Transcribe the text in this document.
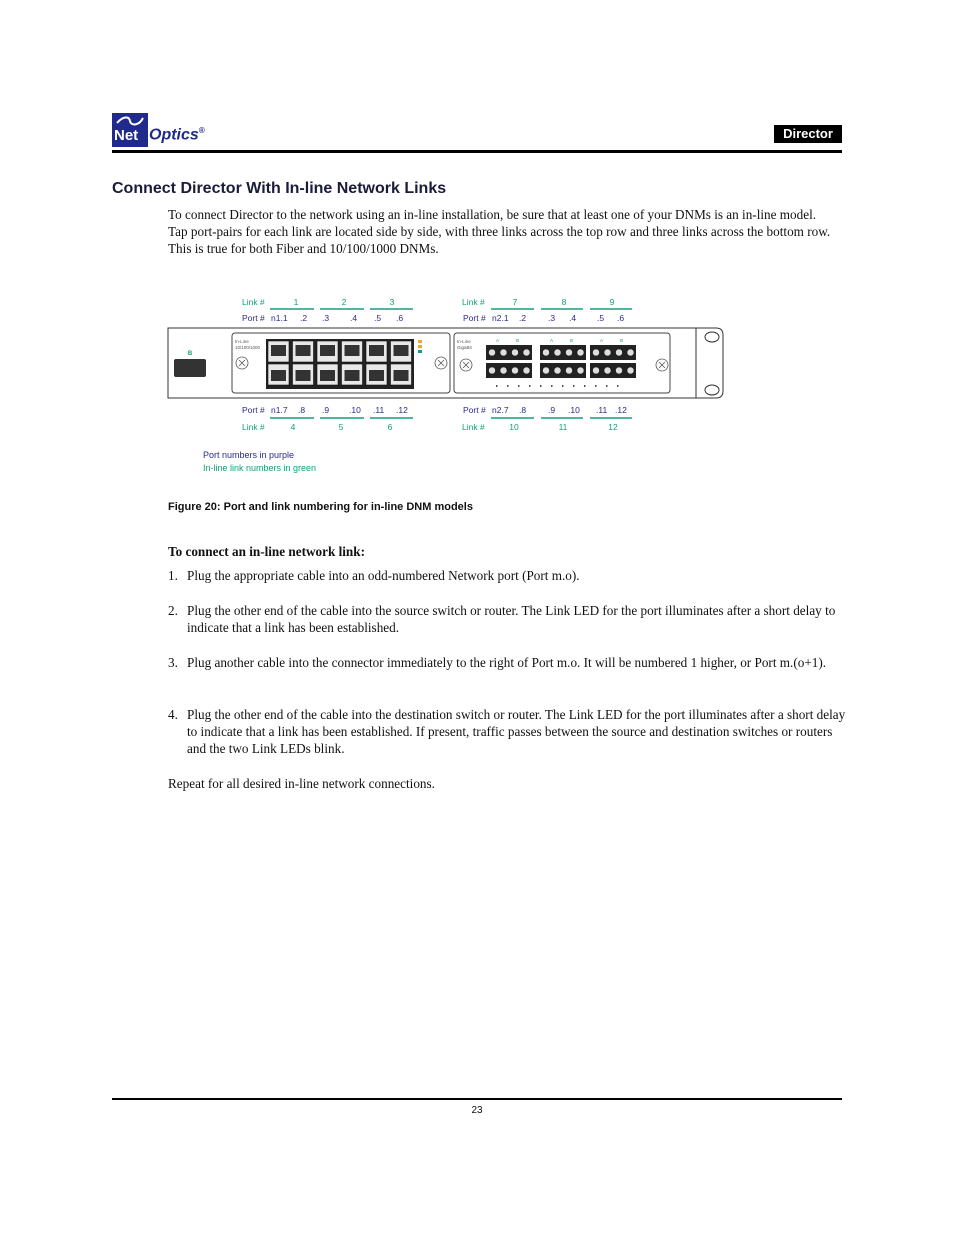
Net Optics®	Director
Connect Director With In-line Network Links
To connect Director to the network using an in-line installation, be sure that at least one of your DNMs is an in-line model. Tap port-pairs for each link are located side by side, with three links across the top row and three links across the bottom row. This is true for both Fiber and 10/100/1000 DNMs.
Link #	1	2	3
Port # n1.1 .2 .3 .4 .5 .6
Link #	7	8	9
Port # n2.1 .2	.3 .4 .5 .6
B
In-Line
10/100/1000
In-Line
GigaBit
A	B	A	B	A	B
Port # n1.7 .8 .9 .10 .11 .12
Link #	4	5	6
Port # n2.7 .8	.9 .10 .11 .12
Link #	10	11	12
Port numbers in purple
In-line link numbers in green
Figure 20: Port and link numbering for in-line DNM models
To connect an in-line network link:
1. Plug the appropriate cable into an odd-numbered Network port (Port m.o).
2. Plug the other end of the cable into the source switch or router. The Link LED for the port illuminates after a short delay to indicate that a link has been established.
3. Plug another cable into the connector immediately to the right of Port m.o. It will be numbered 1 higher, or Port m.(o+1).
4. Plug the other end of the cable into the destination switch or router. The Link LED for the port illuminates after a short delay to indicate that a link has been established. If present, traffic passes between the source and destination switches or routers and the two Link LEDs blink.
Repeat for all desired in-line network connections.
23
